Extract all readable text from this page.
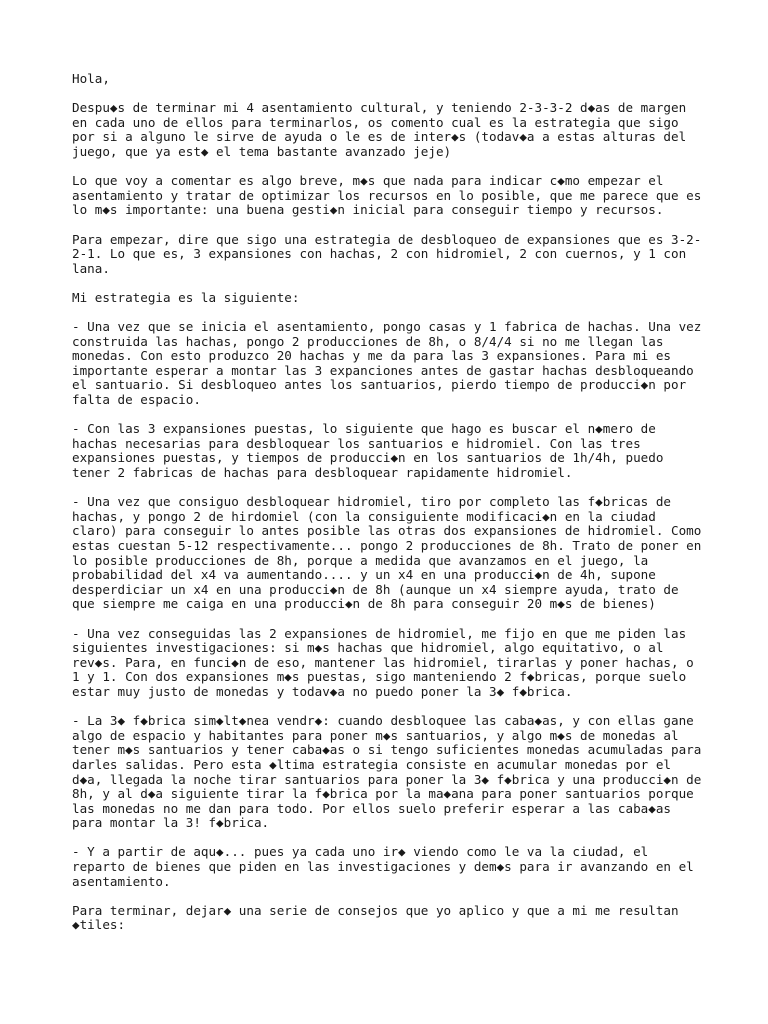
Hola,

Despu◆s de terminar mi 4 asentamiento cultural, y teniendo 2-3-3-2 d◆as de margen
en cada uno de ellos para terminarlos, os comento cual es la estrategia que sigo
por si a alguno le sirve de ayuda o le es de inter◆s (todav◆a a estas alturas del
juego, que ya est◆ el tema bastante avanzado jeje)

Lo que voy a comentar es algo breve, m◆s que nada para indicar c◆mo empezar el
asentamiento y tratar de optimizar los recursos en lo posible, que me parece que es
lo m◆s importante: una buena gesti◆n inicial para conseguir tiempo y recursos.

Para empezar, dire que sigo una estrategia de desbloqueo de expansiones que es 3-2-
2-1. Lo que es, 3 expansiones con hachas, 2 con hidromiel, 2 con cuernos, y 1 con
lana.

Mi estrategia es la siguiente:

- Una vez que se inicia el asentamiento, pongo casas y 1 fabrica de hachas. Una vez
construida las hachas, pongo 2 producciones de 8h, o 8/4/4 si no me llegan las
monedas. Con esto produzco 20 hachas y me da para las 3 expansiones. Para mi es
importante esperar a montar las 3 expanciones antes de gastar hachas desbloqueando
el santuario. Si desbloqueo antes los santuarios, pierdo tiempo de producci◆n por
falta de espacio.

- Con las 3 expansiones puestas, lo siguiente que hago es buscar el n◆mero de
hachas necesarias para desbloquear los santuarios e hidromiel. Con las tres
expansiones puestas, y tiempos de producci◆n en los santuarios de 1h/4h, puedo
tener 2 fabricas de hachas para desbloquear rapidamente hidromiel.

- Una vez que consiguo desbloquear hidromiel, tiro por completo las f◆bricas de
hachas, y pongo 2 de hirdomiel (con la consiguiente modificaci◆n en la ciudad
claro) para conseguir lo antes posible las otras dos expansiones de hidromiel. Como
estas cuestan 5-12 respectivamente... pongo 2 producciones de 8h. Trato de poner en
lo posible producciones de 8h, porque a medida que avanzamos en el juego, la
probabilidad del x4 va aumentando.... y un x4 en una producci◆n de 4h, supone
desperdiciar un x4 en una producci◆n de 8h (aunque un x4 siempre ayuda, trato de
que siempre me caiga en una producci◆n de 8h para conseguir 20 m◆s de bienes)

- Una vez conseguidas las 2 expansiones de hidromiel, me fijo en que me piden las
siguientes investigaciones: si m◆s hachas que hidromiel, algo equitativo, o al
rev◆s. Para, en funci◆n de eso, mantener las hidromiel, tirarlas y poner hachas, o
1 y 1. Con dos expansiones m◆s puestas, sigo manteniendo 2 f◆bricas, porque suelo
estar muy justo de monedas y todav◆a no puedo poner la 3◆ f◆brica.

- La 3◆ f◆brica sim◆lt◆nea vendr◆: cuando desbloquee las caba◆as, y con ellas gane
algo de espacio y habitantes para poner m◆s santuarios, y algo m◆s de monedas al
tener m◆s santuarios y tener caba◆as o si tengo suficientes monedas acumuladas para
darles salidas. Pero esta ◆ltima estrategia consiste en acumular monedas por el
d◆a, llegada la noche tirar santuarios para poner la 3◆ f◆brica y una producci◆n de
8h, y al d◆a siguiente tirar la f◆brica por la ma◆ana para poner santuarios porque
las monedas no me dan para todo. Por ellos suelo preferir esperar a las caba◆as
para montar la 3! f◆brica.

- Y a partir de aqu◆... pues ya cada uno ir◆ viendo como le va la ciudad, el
reparto de bienes que piden en las investigaciones y dem◆s para ir avanzando en el
asentamiento.

Para terminar, dejar◆ una serie de consejos que yo aplico y que a mi me resultan
◆tiles:
